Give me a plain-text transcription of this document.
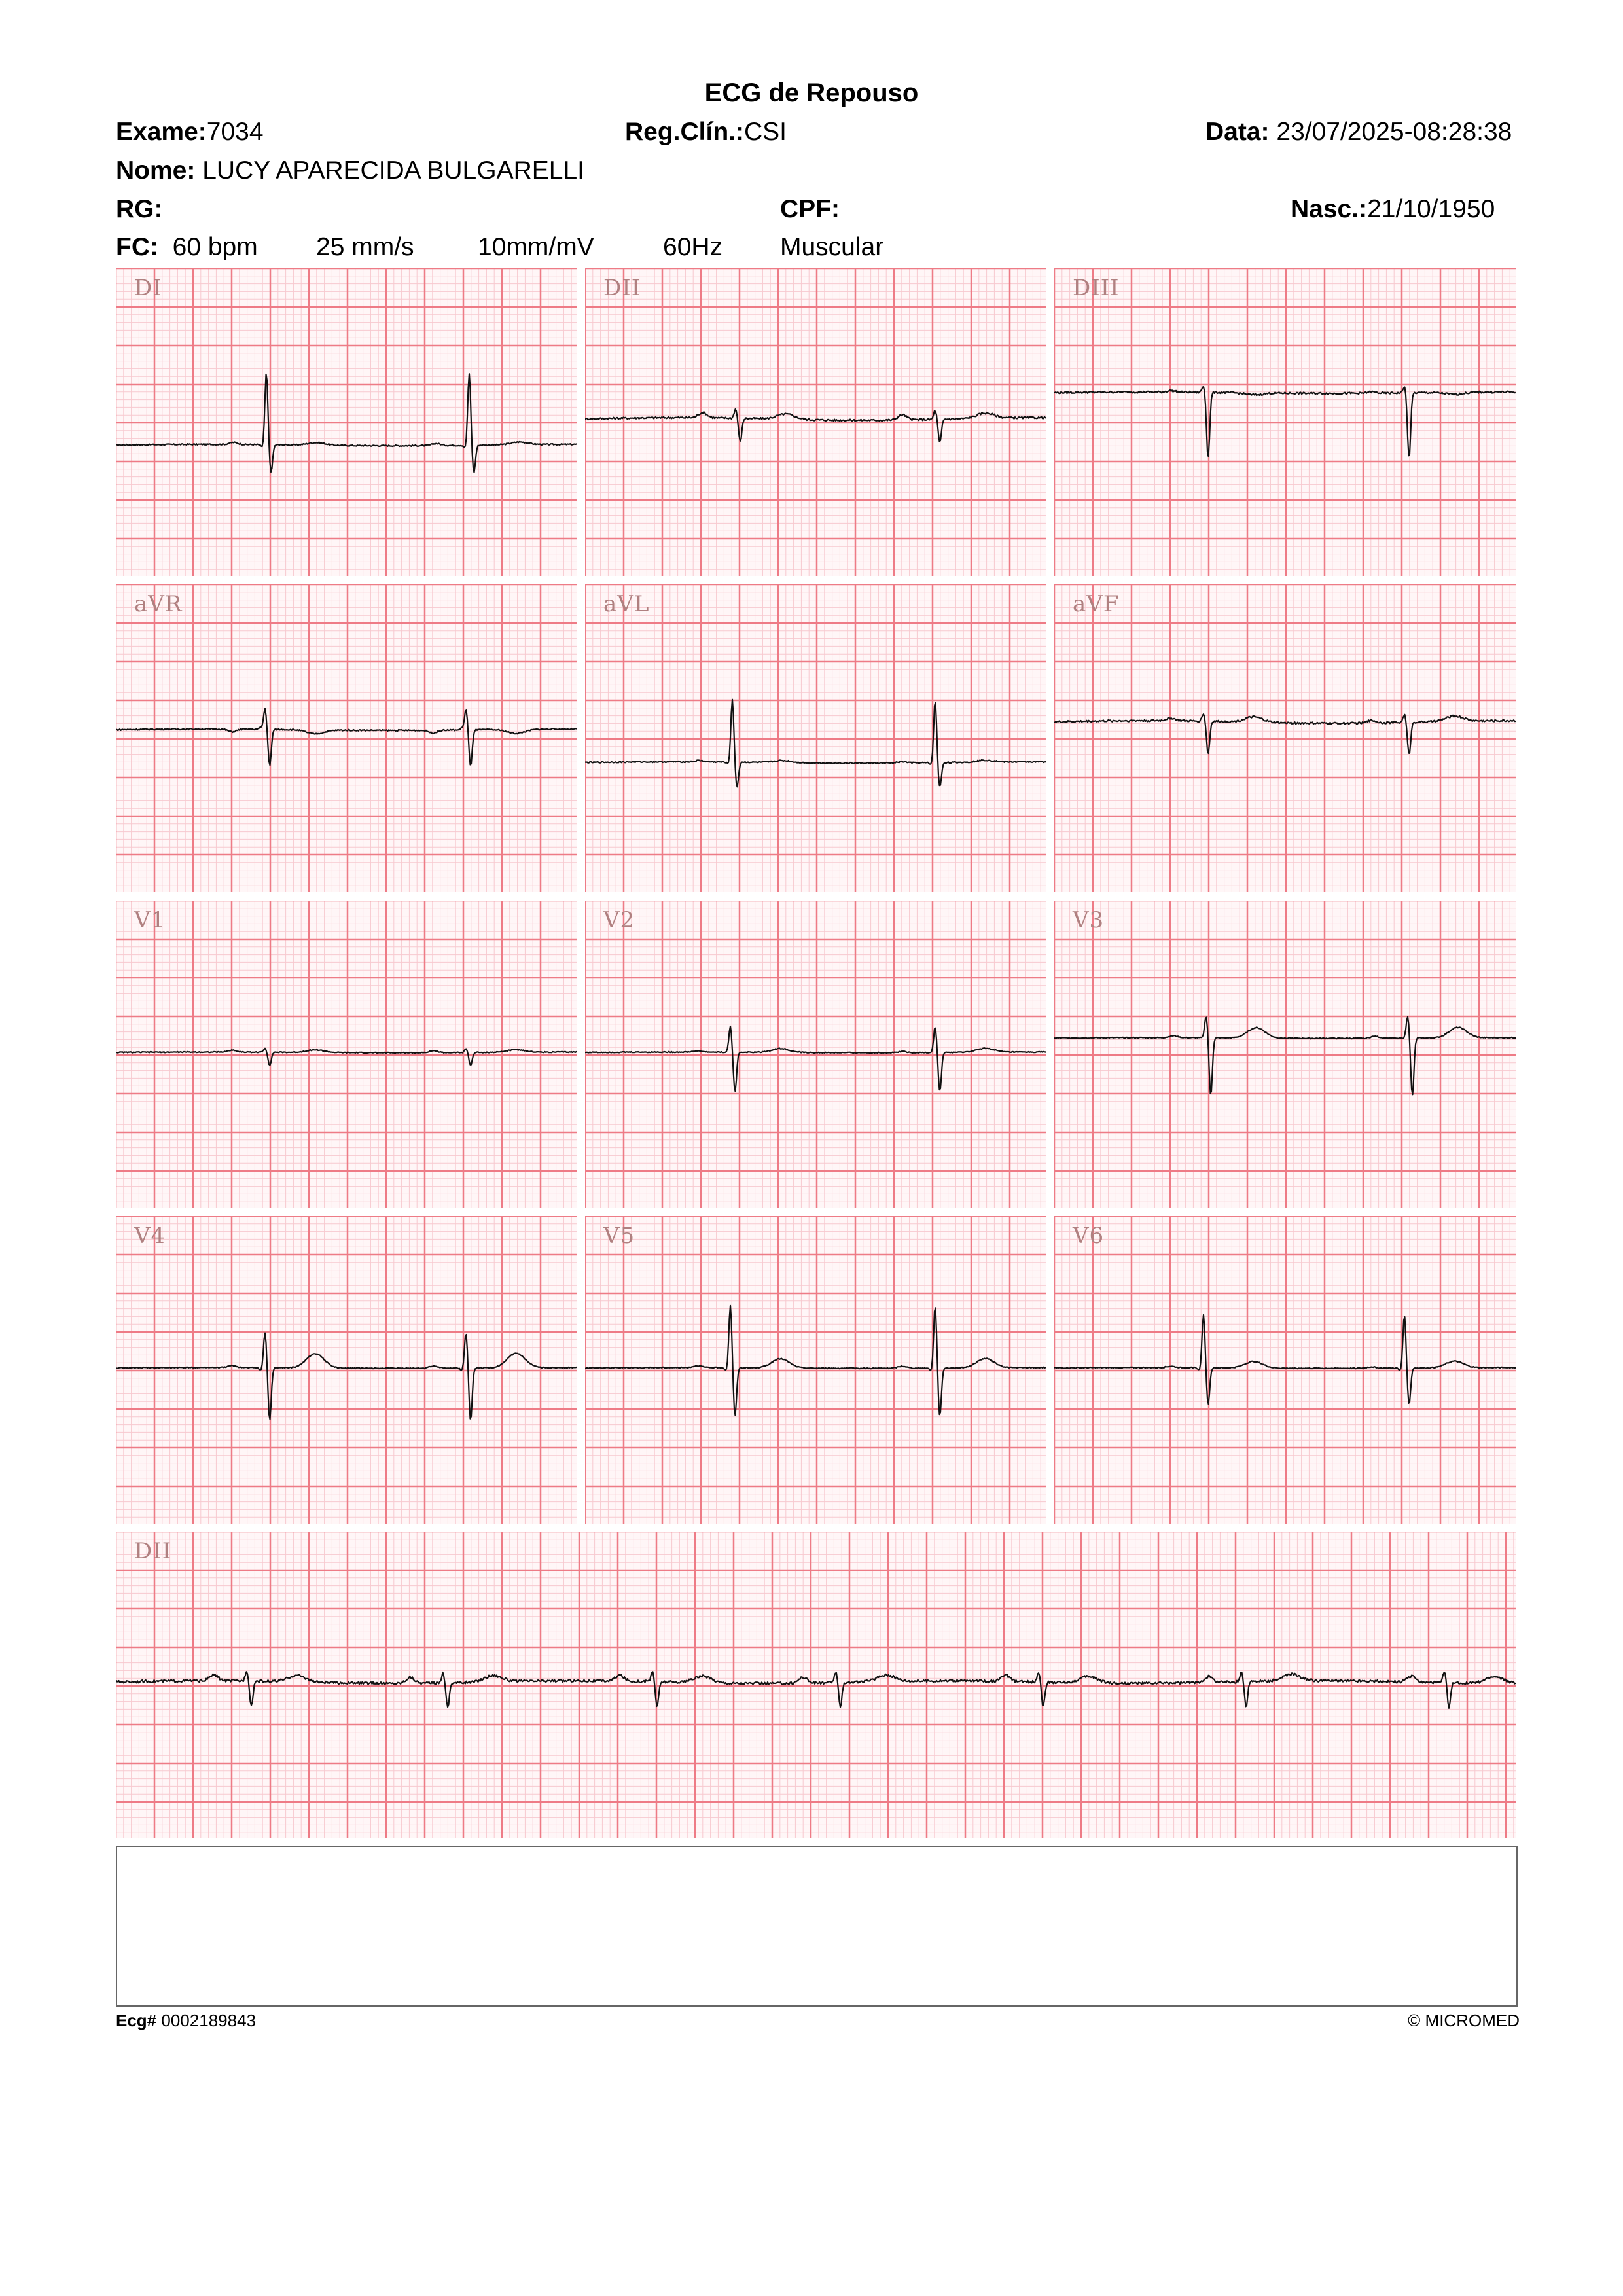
ECG de Repouso
Exame:7034	Reg.Clín.:CSI	Data: 23/07/2025-08:28:38
Nome: LUCY APARECIDA BULGARELLI
RG:	CPF:	Nasc.:21/10/1950
FC: 60 bpm 25 mm/s 10mm/mV	60Hz Muscular
DI	DII	DIII
aVR	aVL	aVF
V1	V2	V3
V4	V5	V6
DII
Ecg# 0002189843	© MICROMED
